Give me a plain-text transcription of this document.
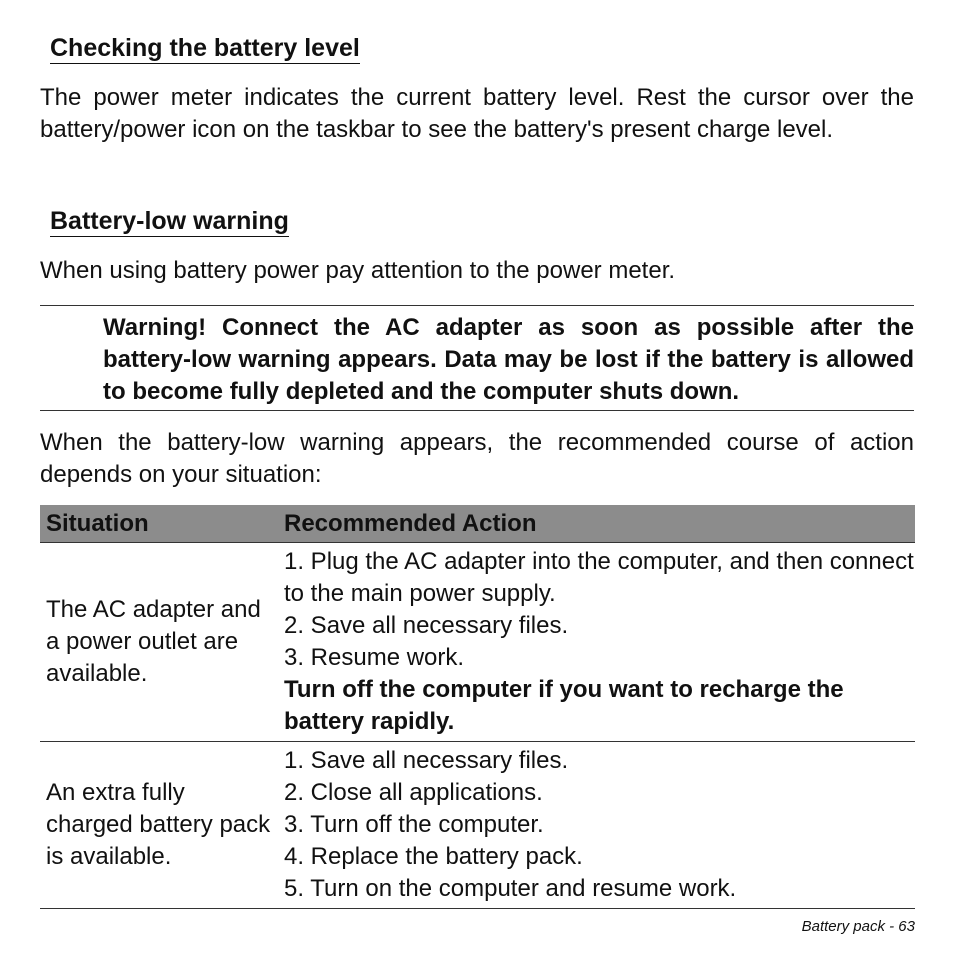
Checking the battery level

The power meter indicates the current battery level. Rest the cursor over the battery/power icon on the taskbar to see the battery's present charge level.

Battery-low warning

When using battery power pay attention to the power meter.

Warning! Connect the AC adapter as soon as possible after the battery-low warning appears. Data may be lost if the battery is allowed to become fully depleted and the computer shuts down.

When the battery-low warning appears, the recommended course of action depends on your situation:

Situation	Recommended Action
The AC adapter and a power outlet are available.	1. Plug the AC adapter into the computer, and then connect to the main power supply.
2. Save all necessary files.
3. Resume work.
Turn off the computer if you want to recharge the battery rapidly.

An extra fully charged battery pack is available.	1. Save all necessary files.
2. Close all applications.
3. Turn off the computer.
4. Replace the battery pack.
5. Turn on the computer and resume work.
Battery pack - 63
